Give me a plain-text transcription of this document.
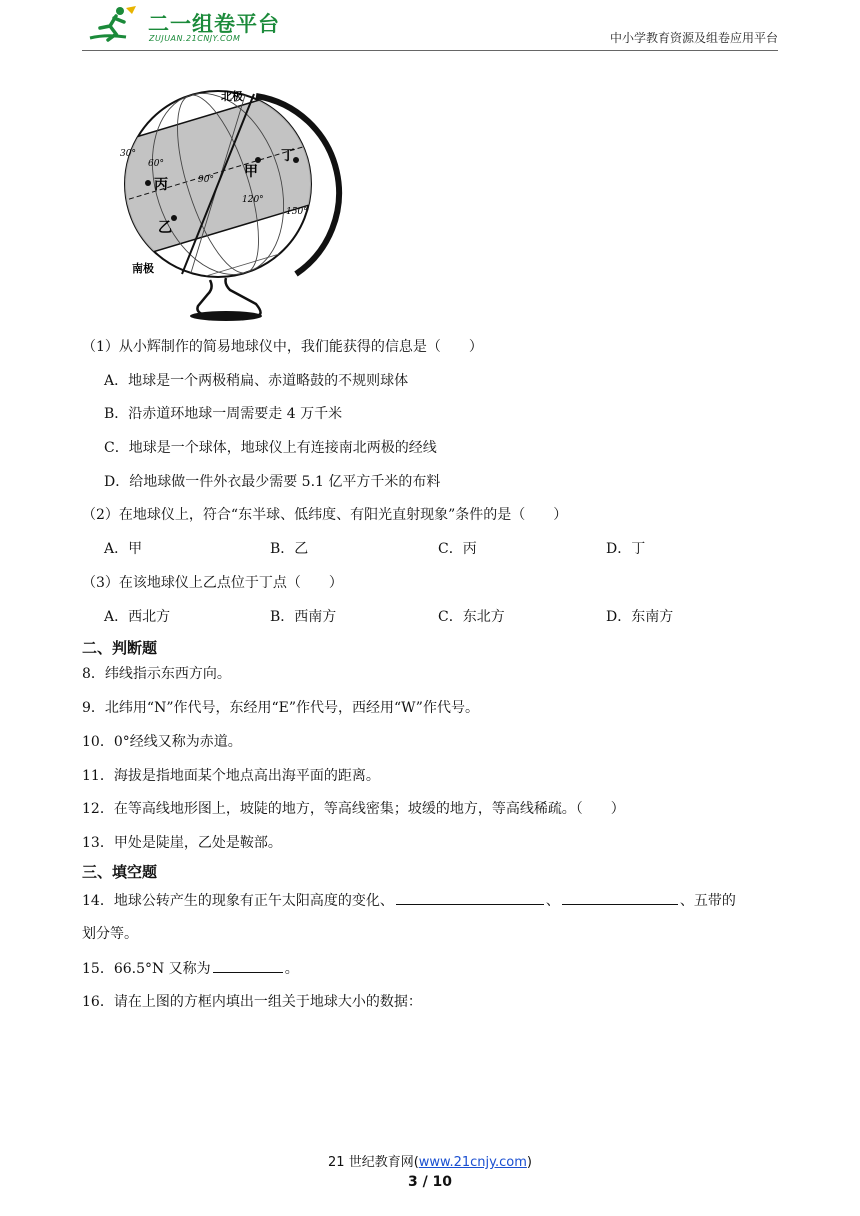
二一组卷平台
ZUJUAN.21CNJY.COM	中小学教育资源及组卷应用平台
北极
南极
30°
60°
90°
120°
150°
甲
丁
丙
乙
（1）从小辉制作的简易地球仪中，我们能获得的信息是（　　）
A．地球是一个两极稍扁、赤道略鼓的不规则球体
B．沿赤道环地球一周需要走 4 万千米
C．地球是一个球体，地球仪上有连接南北两极的经线
D．给地球做一件外衣最少需要 5.1 亿平方千米的布料
（2）在地球仪上，符合“东半球、低纬度、有阳光直射现象”条件的是（　　）
A．甲	B．乙	C．丙	D．丁
（3）在该地球仪上乙点位于丁点（　　）
A．西北方	B．西南方	C．东北方	D．东南方
二、判断题
8．纬线指示东西方向。
9．北纬用“N”作代号，东经用“E”作代号，西经用“W”作代号。
10．0°经线又称为赤道。
11．海拔是指地面某个地点高出海平面的距离。
12．在等高线地形图上，坡陡的地方，等高线密集；坡缓的地方，等高线稀疏。（　　）
13．甲处是陡崖，乙处是鞍部。
三、填空题
14．地球公转产生的现象有正午太阳高度的变化、	、	、五带的
划分等。
15．66.5°N 又称为	。
16．请在上图的方框内填出一组关于地球大小的数据：
21 世纪教育网(www.21cnjy.com)
3 / 10
